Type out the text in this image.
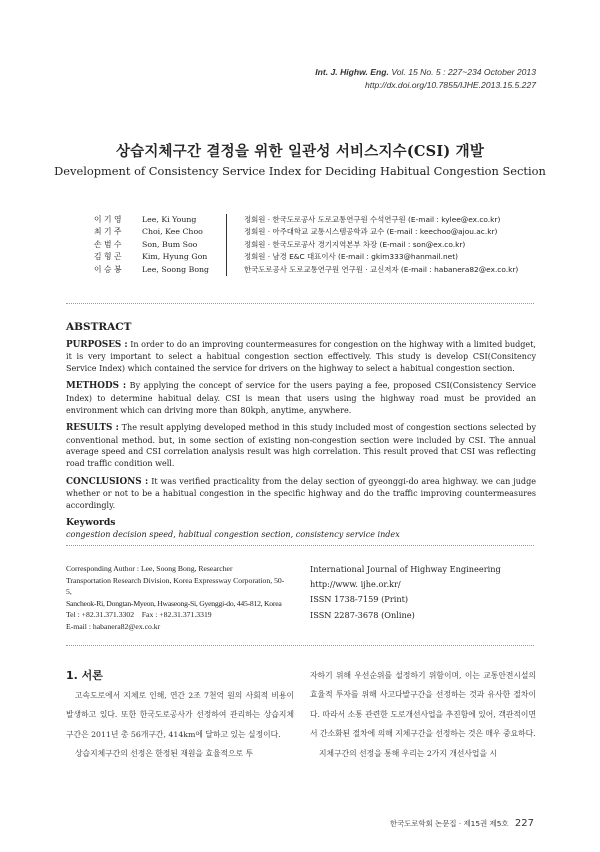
Int. J. Highw. Eng. Vol. 15 No. 5 : 227~234 October 2013
http://dx.doi.org/10.7855/IJHE.2013.15.5.227
상습지체구간 결정을 위한 일관성 서비스지수(CSI) 개발
Development of Consistency Service Index for Deciding Habitual Congestion Section
이 기 영	Lee, Ki Young	정회원 · 한국도로공사 도로교통연구원 수석연구원 (E-mail : kylee@ex.co.kr)
최 기 주	Choi, Kee Choo	정회원 · 아주대학교 교통시스템공학과 교수 (E-mail : keechoo@ajou.ac.kr)
손 범 수	Son, Bum Soo	정회원 · 한국도로공사 경기지역본부 차장 (E-mail : son@ex.co.kr)
김 형 곤	Kim, Hyung Gon	정회원 · 남경 E&C 대표이사 (E-mail : gkim333@hanmail.net)
이 승 봉	Lee, Soong Bong	한국도로공사 도로교통연구원 연구원 · 교신저자 (E-mail : habanera82@ex.co.kr)
ABSTRACT

PURPOSES : In order to do an improving countermeasures for congestion on the highway with a limited budget, it is very important to select a habitual congestion section effectively. This study is develop CSI(Consitency Service Index) which contained the service for drivers on the highway to select a habitual congestion section.

METHODS : By applying the concept of service for the users paying a fee, proposed CSI(Consistency Service Index) to determine habitual delay. CSI is mean that users using the highway road must be provided an environment which can driving more than 80kph, anytime, anywhere.

RESULTS : The result applying developed method in this study included most of congestion sections selected by conventional method. but, in some section of existing non-congestion section were included by CSI. The annual average speed and CSI correlation analysis result was high correlation. This result proved that CSI was reflecting road traffic condition well.

CONCLUSIONS : It was verified practicality from the delay section of gyeonggi-do area highway. we can judge whether or not to be a habitual congestion in the specific highway and do the traffic improving countermeasures accordingly.

Keywords
congestion decision speed, habitual congestion section, consistency service index
Corresponding Author : Lee, Soong Bong, Researcher
Transportation Research Division, Korea Expressway Corporation, 50-5,
Sancheok-Ri, Dongtan-Myeon, Hwaseong-Si, Gyenggi-do, 445-812, Korea
Tel : +82.31.371.3302    Fax : +82.31.371.3319
E-mail : habanera82@ex.co.kr
International Journal of Highway Engineering
http://www. ijhe.or.kr/
ISSN 1738-7159 (Print)
ISSN 2287-3678 (Online)
1. 서론

고속도로에서 지체로 인해, 연간 2조 7천억 원의 사회적 비용이 발생하고 있다. 또한 한국도로공사가 선정하여 관리하는 상습지체구간은 2011년 총 56개구간, 414km에 달하고 있는 실정이다.

상습지체구간의 선정은 한정된 재원을 효율적으로 투

자하기 위해 우선순위를 설정하기 위함이며, 이는 교통안전시설의 효율적 투자를 위해 사고다발구간을 선정하는 것과 유사한 절차이다. 따라서 소통 관련한 도로개선사업을 추진함에 있어, 객관적이면서 간소화된 절차에 의해 지체구간을 선정하는 것은 매우 중요하다.

지체구간의 선정을 통해 우리는 2가지 개선사업을 시

한국도로학회 논문집 · 제15권 제5호 227
